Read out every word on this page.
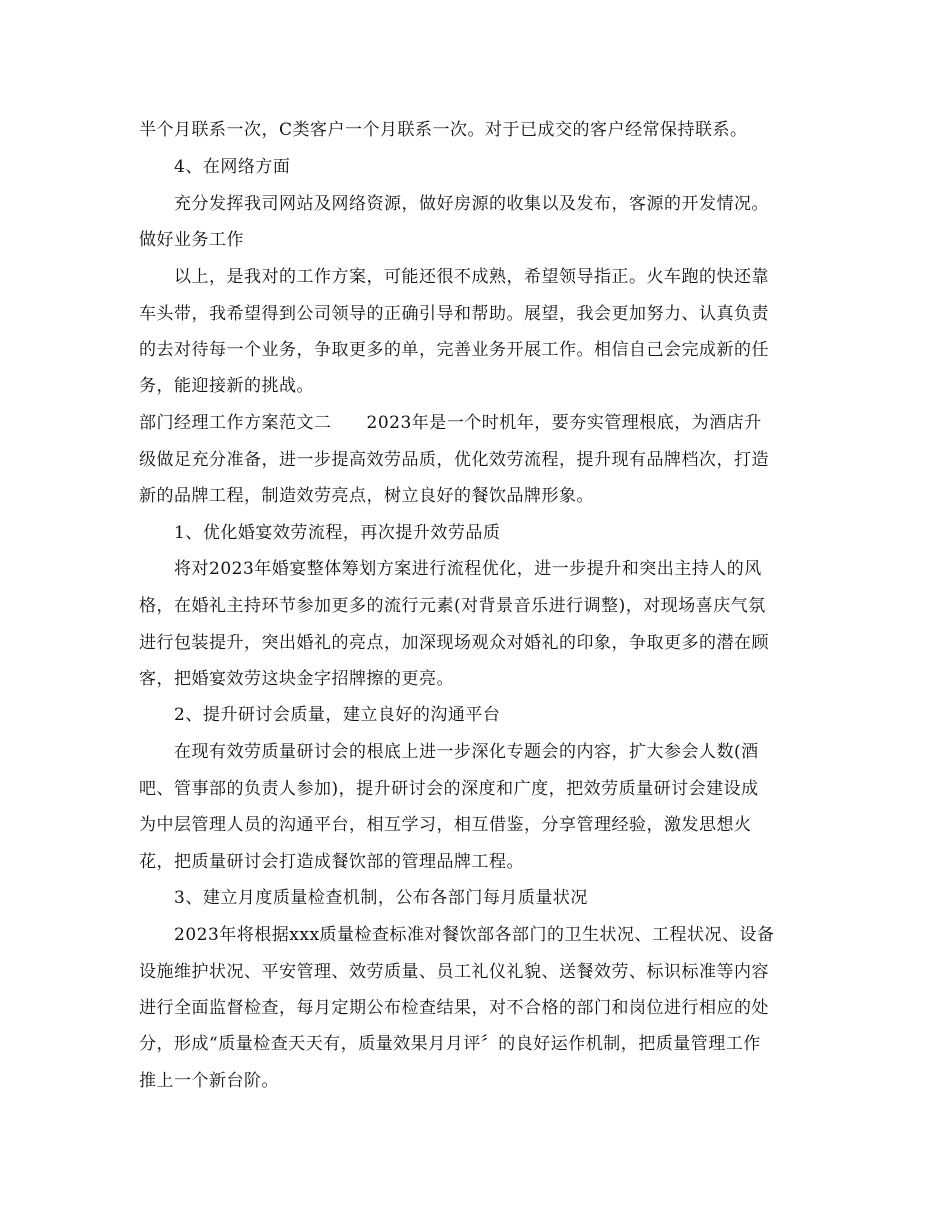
半个月联系一次，C类客户一个月联系一次。对于已成交的客户经常保持联系。
4、在网络方面
充分发挥我司网站及网络资源，做好房源的收集以及发布，客源的开发情况。
做好业务工作
以上，是我对的工作方案，可能还很不成熟，希望领导指正。火车跑的快还靠
车头带，我希望得到公司领导的正确引导和帮助。展望，我会更加努力、认真负责
的去对待每一个业务，争取更多的单，完善业务开展工作。相信自己会完成新的任
务，能迎接新的挑战。
部门经理工作方案范文二　　2023年是一个时机年，要夯实管理根底，为酒店升
级做足充分准备，进一步提高效劳品质，优化效劳流程，提升现有品牌档次，打造
新的品牌工程，制造效劳亮点，树立良好的餐饮品牌形象。
1、优化婚宴效劳流程，再次提升效劳品质
将对2023年婚宴整体筹划方案进行流程优化，进一步提升和突出主持人的风
格，在婚礼主持环节参加更多的流行元素(对背景音乐进行调整)，对现场喜庆气氛
进行包装提升，突出婚礼的亮点，加深现场观众对婚礼的印象，争取更多的潜在顾
客，把婚宴效劳这块金字招牌擦的更亮。
2、提升研讨会质量，建立良好的沟通平台
在现有效劳质量研讨会的根底上进一步深化专题会的内容，扩大参会人数(酒
吧、管事部的负责人参加)，提升研讨会的深度和广度，把效劳质量研讨会建设成
为中层管理人员的沟通平台，相互学习，相互借鉴，分享管理经验，激发思想火
花，把质量研讨会打造成餐饮部的管理品牌工程。
3、建立月度质量检查机制，公布各部门每月质量状况
2023年将根据xxx质量检查标准对餐饮部各部门的卫生状况、工程状况、设备
设施维护状况、平安管理、效劳质量、员工礼仪礼貌、送餐效劳、标识标准等内容
进行全面监督检查，每月定期公布检查结果，对不合格的部门和岗位进行相应的处
分，形成“质量检查天天有，质量效果月月评〞的良好运作机制，把质量管理工作
推上一个新台阶。
